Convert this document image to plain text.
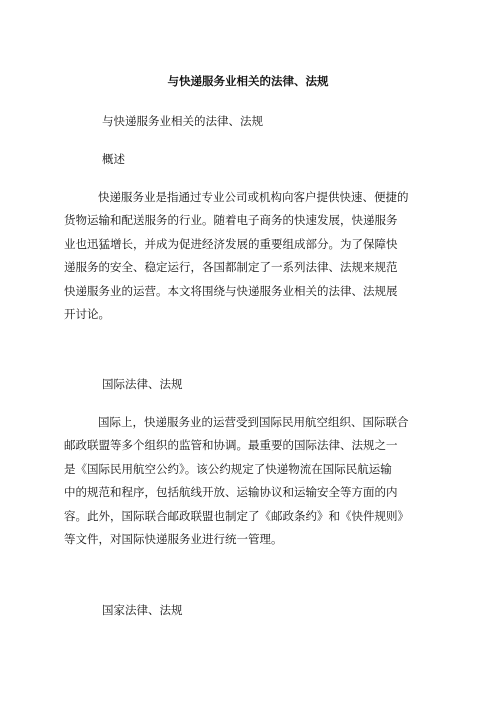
与快递服务业相关的法律、法规
与快递服务业相关的法律、法规
概述
快递服务业是指通过专业公司或机构向客户提供快速、便捷的
货物运输和配送服务的行业。随着电子商务的快速发展，快递服务
业也迅猛增长，并成为促进经济发展的重要组成部分。为了保障快
递服务的安全、稳定运行，各国都制定了一系列法律、法规来规范
快递服务业的运营。本文将围绕与快递服务业相关的法律、法规展
开讨论。
国际法律、法规
国际上，快递服务业的运营受到国际民用航空组织、国际联合
邮政联盟等多个组织的监管和协调。最重要的国际法律、法规之一
是《国际民用航空公约》。该公约规定了快递物流在国际民航运输
中的规范和程序，包括航线开放、运输协议和运输安全等方面的内
容。此外，国际联合邮政联盟也制定了《邮政条约》和《快件规则》
等文件，对国际快递服务业进行统一管理。
国家法律、法规
